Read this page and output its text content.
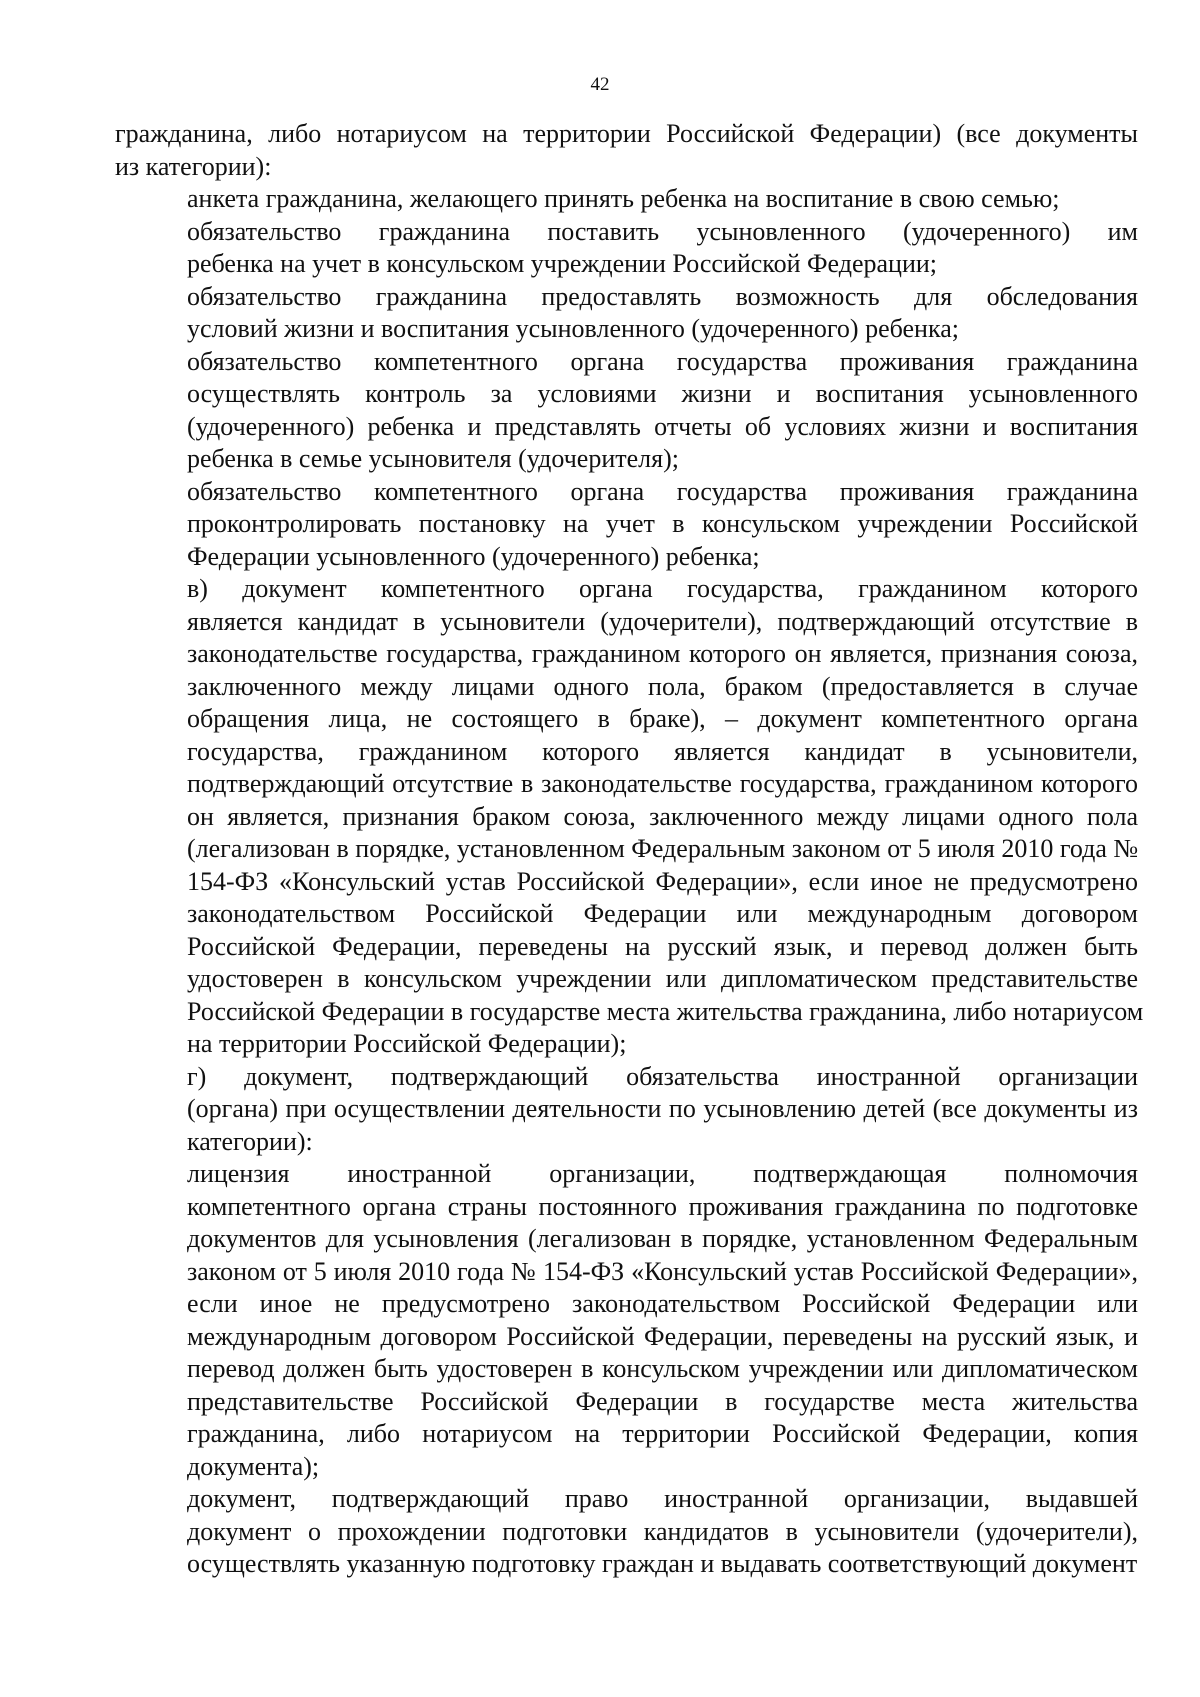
42
гражданина, либо нотариусом на территории Российской Федерации) (все документы
из категории):
анкета гражданина, желающего принять ребенка на воспитание в свою семью;
обязательство гражданина поставить усыновленного (удочеренного) им
ребенка на учет в консульском учреждении Российской Федерации;
обязательство гражданина предоставлять возможность для обследования
условий жизни и воспитания усыновленного (удочеренного) ребенка;
обязательство компетентного органа государства проживания гражданина
осуществлять контроль за условиями жизни и воспитания усыновленного
(удочеренного) ребенка и представлять отчеты об условиях жизни и воспитания
ребенка в семье усыновителя (удочерителя);
обязательство компетентного органа государства проживания гражданина
проконтролировать постановку на учет в консульском учреждении Российской
Федерации усыновленного (удочеренного) ребенка;
в) документ компетентного органа государства, гражданином которого
является кандидат в усыновители (удочерители), подтверждающий отсутствие в
законодательстве государства, гражданином которого он является, признания союза,
заключенного между лицами одного пола, браком (предоставляется в случае
обращения лица, не состоящего в браке), – документ компетентного органа
государства, гражданином которого является кандидат в усыновители,
подтверждающий отсутствие в законодательстве государства, гражданином которого
он является, признания браком союза, заключенного между лицами одного пола
(легализован в порядке, установленном Федеральным законом от 5 июля 2010 года №
154-ФЗ «Консульский устав Российской Федерации», если иное не предусмотрено
законодательством Российской Федерации или международным договором
Российской Федерации, переведены на русский язык, и перевод должен быть
удостоверен в консульском учреждении или дипломатическом представительстве
Российской Федерации в государстве места жительства гражданина, либо нотариусом
на территории Российской Федерации);
г) документ, подтверждающий обязательства иностранной организации
(органа) при осуществлении деятельности по усыновлению детей (все документы из
категории):
лицензия иностранной организации, подтверждающая полномочия
компетентного органа страны постоянного проживания гражданина по подготовке
документов для усыновления (легализован в порядке, установленном Федеральным
законом от 5 июля 2010 года № 154-ФЗ «Консульский устав Российской Федерации»,
если иное не предусмотрено законодательством Российской Федерации или
международным договором Российской Федерации, переведены на русский язык, и
перевод должен быть удостоверен в консульском учреждении или дипломатическом
представительстве Российской Федерации в государстве места жительства
гражданина, либо нотариусом на территории Российской Федерации, копия
документа);
документ, подтверждающий право иностранной организации, выдавшей
документ о прохождении подготовки кандидатов в усыновители (удочерители),
осуществлять указанную подготовку граждан и выдавать соответствующий документ
